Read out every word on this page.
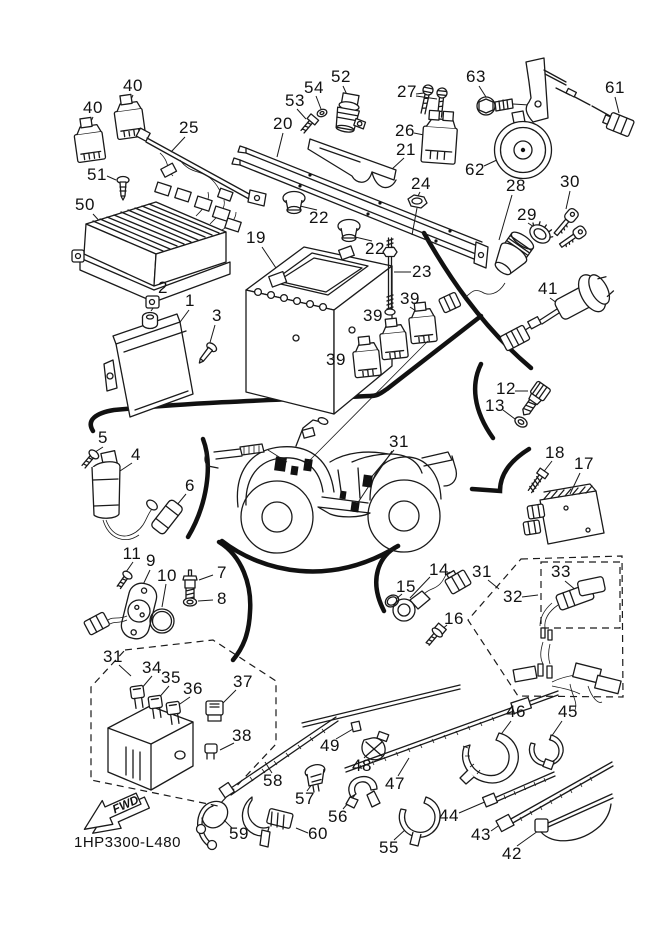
FWD
40
40
25
51
50
52
54
53
20
27
26
21
24
22
22
19
23
63
61
62
28 30
29
41
39
39
39
2
1
3
12
13
5
4
6
31
18
17
11 9
10 7
8
14
15
16
31
32
33
31
34
35
36 37
38
58
49
48
47
46 45
57
56
55
60
59
44
43
42
1HP3300-L480
